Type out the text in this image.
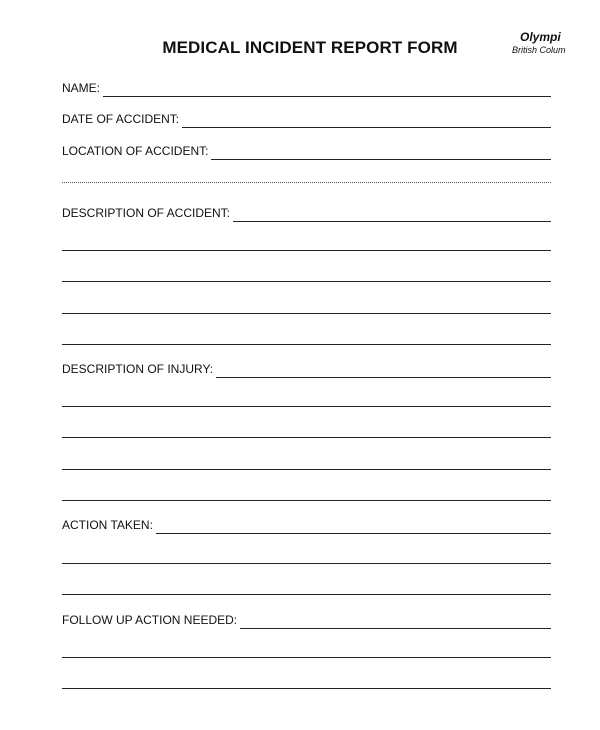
MEDICAL INCIDENT REPORT FORM
Olympi
British Colum
NAME:
DATE OF ACCIDENT:
LOCATION OF ACCIDENT:
DESCRIPTION OF ACCIDENT:
DESCRIPTION OF INJURY:
ACTION TAKEN:
FOLLOW UP ACTION NEEDED:
